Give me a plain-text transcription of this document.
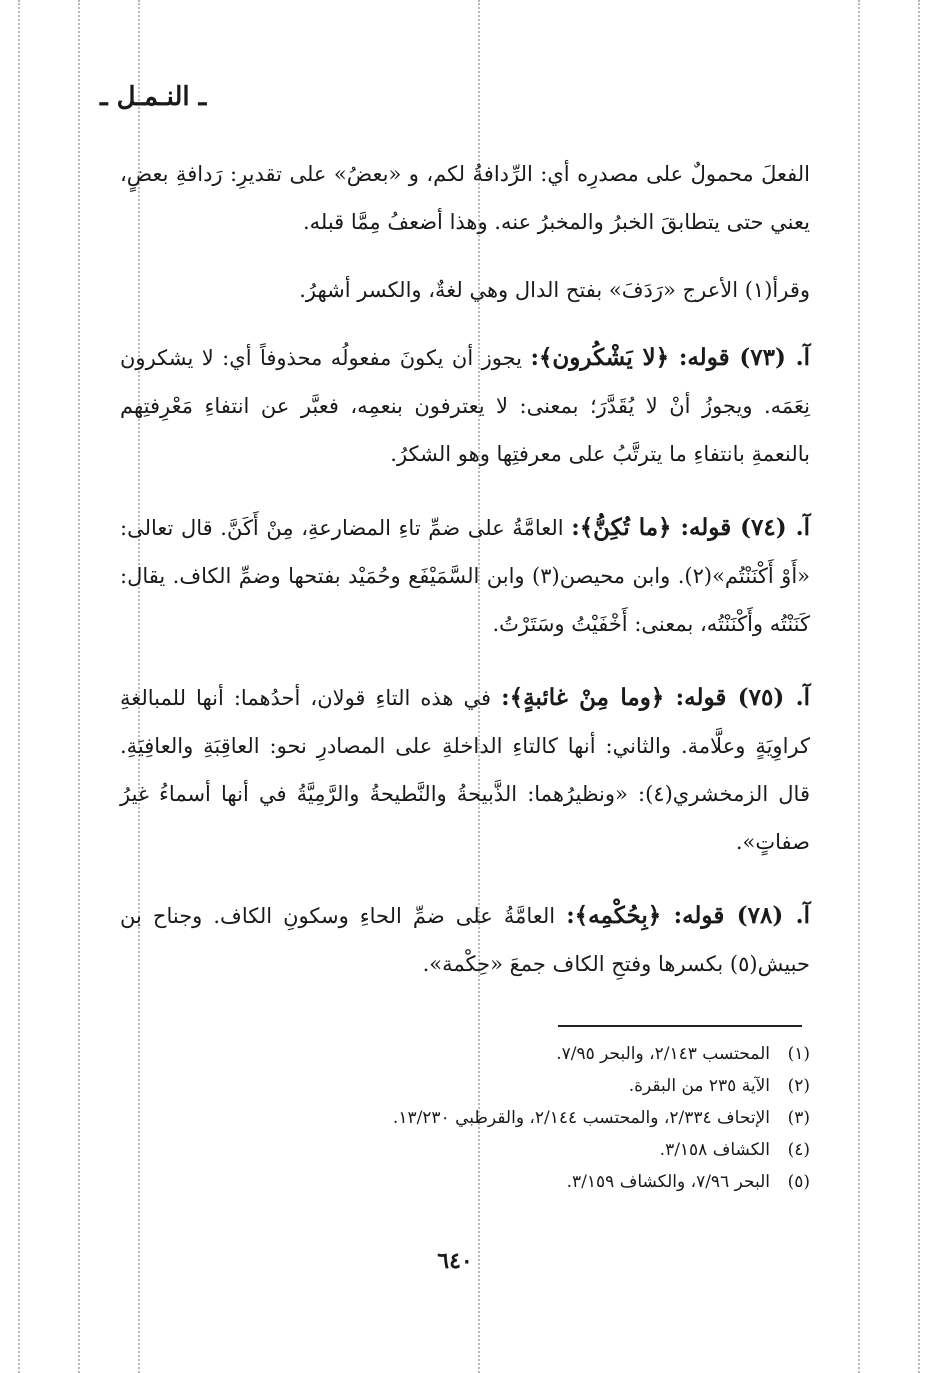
ـ النـمـل ـ

الفعلَ محمولٌ على مصدرِه أي: الرِّدافةُ لكم، و «بعضُ» على تقديرِ: رَدافةِ بعضٍ، يعني حتى يتطابقَ الخبرُ والمخبرُ عنه. وهذا أضعفُ مِمَّا قبله.

وقرأ(١) الأعرج «رَدَفَ» بفتح الدال وهي لغةٌ، والكسر أشهرُ.

آ. (٧٣) قوله: ﴿لا يَشْكُرون﴾: يجوز أن يكونَ مفعولُه محذوفاً أي: لا يشكرون نِعَمَه. ويجوزُ أنْ لا يُقَدَّرَ؛ بمعنى: لا يعترفون بنعمِه، فعبَّر عن انتفاءِ مَعْرِفتِهم بالنعمةِ بانتفاءِ ما يترتَّبُ على معرفتِها وهو الشكرُ.

آ. (٧٤) قوله: ﴿ما تُكِنُّ﴾: العامَّةُ على ضمِّ تاءِ المضارعةِ، مِنْ أَكَنَّ. قال تعالى: «أَوْ أَكْنَنْتُم»(٢). وابن محيصن(٣) وابن السَّمَيْفَع وحُمَيْد بفتحها وضمِّ الكاف. يقال: كَنَنْتُه وأَكْنَنْتُه، بمعنى: أَخْفَيْتُ وسَتَرْتُ.

آ. (٧٥) قوله: ﴿وما مِنْ غائبةٍ﴾: في هذه التاءِ قولان، أحدُهما: أنها للمبالغةِ كراوِيَةٍ وعلَّامة. والثاني: أنها كالتاءِ الداخلةِ على المصادرِ نحو: العاقِبَةِ والعافِيَةِ. قال الزمخشري(٤): «ونظيرُهما: الذَّبيحةُ والنَّطيحةُ والرَّمِيَّةُ في أنها أسماءُ غيرُ صفاتٍ».

آ. (٧٨) قوله: ﴿بِحُكْمِه﴾: العامَّةُ على ضمِّ الحاءِ وسكونِ الكاف. وجناح بن حبيش(٥) بكسرها وفتحِ الكاف جمعَ «حِكْمة».

(١)المحتسب ٢/١٤٣، والبحر ٧/٩٥.
(٢)الآية ٢٣٥ من البقرة.
(٣)الإتحاف ٢/٣٣٤، والمحتسب ٢/١٤٤، والقرطبي ١٣/٢٣٠.
(٤)الكشاف ٣/١٥٨.
(٥)البحر ٧/٩٦، والكشاف ٣/١٥٩.
٦٤٠
